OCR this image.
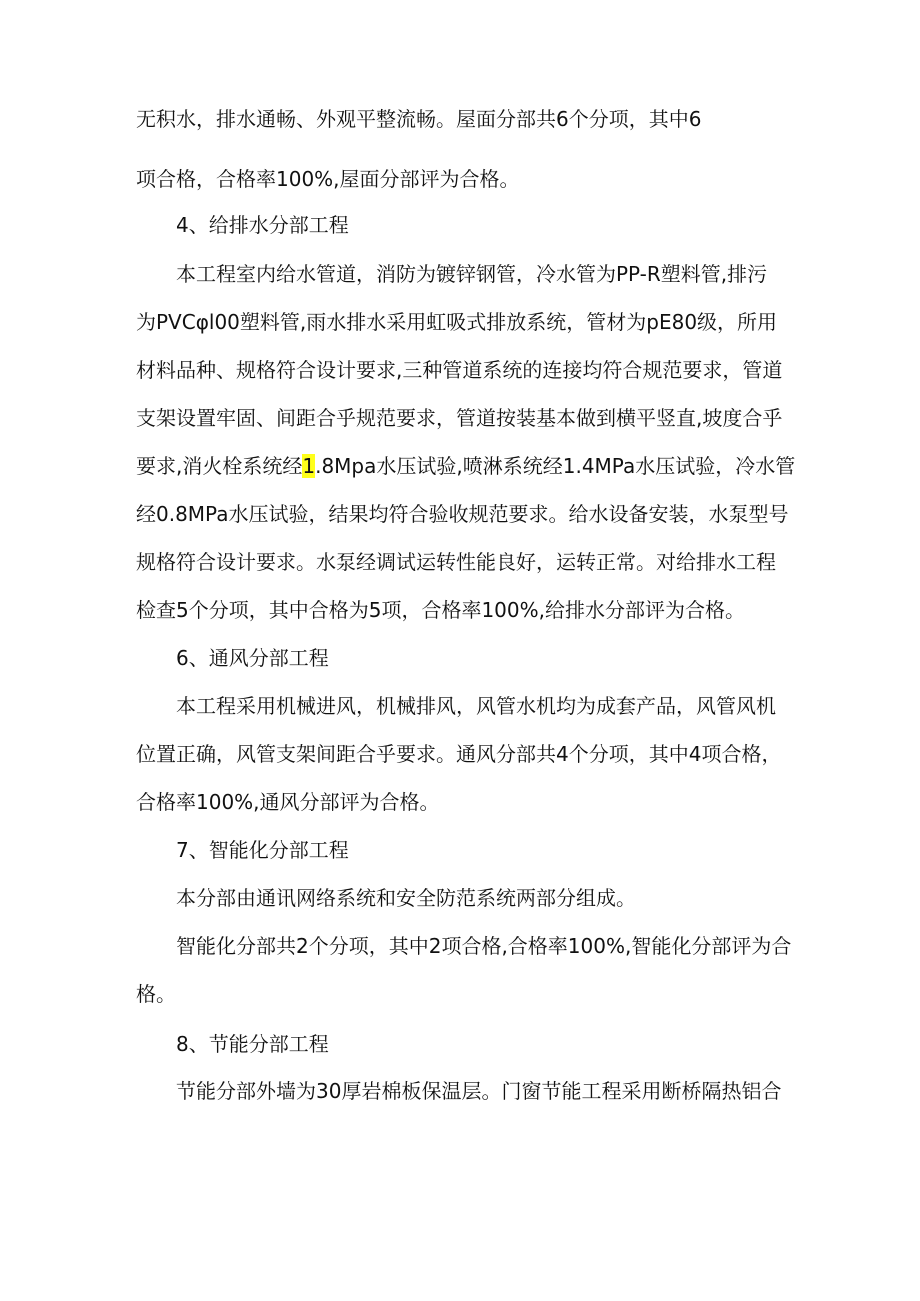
无积水，排水通畅、外观平整流畅。屋面分部共6个分项，其中6
项合格，合格率100%,屋面分部评为合格。
4、给排水分部工程
本工程室内给水管道，消防为镀锌钢管，冷水管为PP-R塑料管,排污
为PVCφl00塑料管,雨水排水采用虹吸式排放系统，管材为pE80级，所用
材料品种、规格符合设计要求,三种管道系统的连接均符合规范要求，管道
支架设置牢固、间距合乎规范要求，管道按装基本做到横平竖直,坡度合乎
要求,消火栓系统经1.8Mpa水压试验,喷淋系统经1.4MPa水压试验，冷水管
经0.8MPa水压试验，结果均符合验收规范要求。给水设备安装，水泵型号
规格符合设计要求。水泵经调试运转性能良好，运转正常。对给排水工程
检查5个分项，其中合格为5项，合格率100%,给排水分部评为合格。
6、通风分部工程
本工程采用机械进风，机械排风，风管水机均为成套产品，风管风机
位置正确，风管支架间距合乎要求。通风分部共4个分项，其中4项合格，
合格率100%,通风分部评为合格。
7、智能化分部工程
本分部由通讯网络系统和安全防范系统两部分组成。
智能化分部共2个分项，其中2项合格,合格率100%,智能化分部评为合
格。
8、节能分部工程
节能分部外墙为30厚岩棉板保温层。门窗节能工程采用断桥隔热铝合
